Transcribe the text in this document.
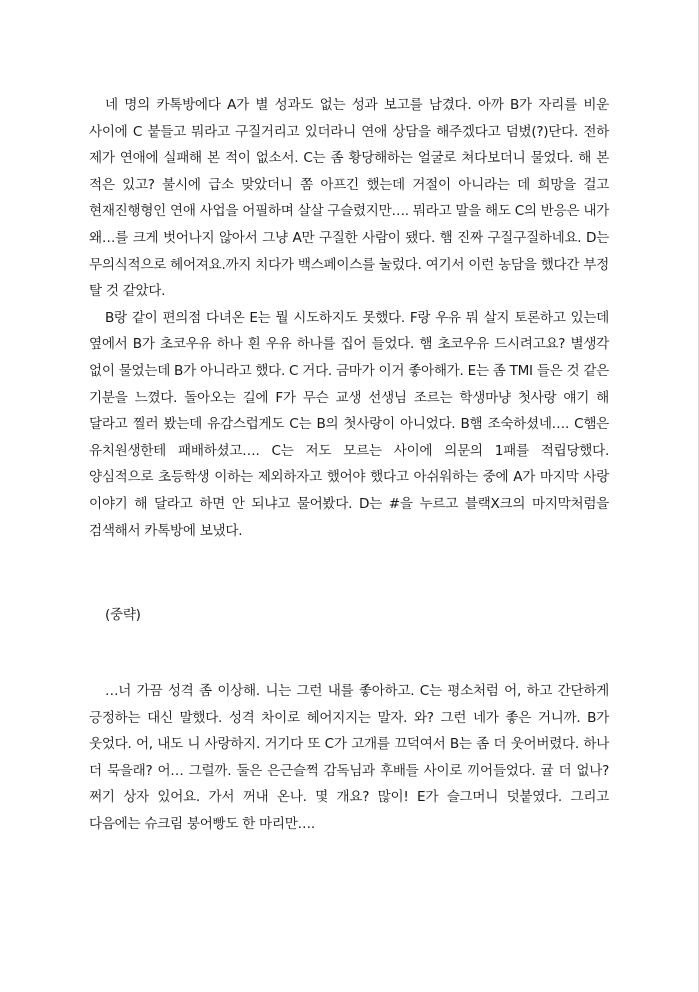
네 명의 카톡방에다 A가 별 성과도 없는 성과 보고를 남겼다. 아까 B가 자리를 비운 사이에 C 붙들고 뭐라고 구질거리고 있더라니 연애 상담을 해주겠다고 덤볐(?)단다. 전하 제가 연애에 실패해 본 적이 없소서. C는 좀 황당해하는 얼굴로 쳐다보더니 물었다. 해 본 적은 있고? 불시에 급소 맞았더니 쫌 아프긴 했는데 거절이 아니라는 데 희망을 걸고 현재진행형인 연애 사업을 어필하며 살살 구슬렸지만…. 뭐라고 말을 해도 C의 반응은 내가 왜…를 크게 벗어나지 않아서 그냥 A만 구질한 사람이 됐다. 햄 진짜 구질구질하네요. D는 무의식적으로 헤어져요.까지 치다가 백스페이스를 눌렀다. 여기서 이런 농담을 했다간 부정 탈 것 같았다.

B랑 같이 편의점 다녀온 E는 뭘 시도하지도 못했다. F랑 우유 뭐 살지 토론하고 있는데 옆에서 B가 초코우유 하나 흰 우유 하나를 집어 들었다. 햄 초코우유 드시려고요? 별생각 없이 물었는데 B가 아니라고 했다. C 거다. 금마가 이거 좋아해가. E는 좀 TMI 들은 것 같은 기분을 느꼈다. 돌아오는 길에 F가 무슨 교생 선생님 조르는 학생마냥 첫사랑 얘기 해 달라고 찔러 봤는데 유감스럽게도 C는 B의 첫사랑이 아니었다. B햄 조숙하셨네…. C햄은 유치원생한테 패배하셨고…. C는 저도 모르는 사이에 의문의 1패를 적립당했다. 양심적으로 초등학생 이하는 제외하자고 했어야 했다고 아쉬워하는 중에 A가 마지막 사랑 이야기 해 달라고 하면 안 되냐고 물어봤다. D는 #을 누르고 블랙X크의 마지막처럼을 검색해서 카톡방에 보냈다.

(중략)

…너 가끔 성격 좀 이상해. 니는 그런 내를 좋아하고. C는 평소처럼 어, 하고 간단하게 긍정하는 대신 말했다. 성격 차이로 헤어지지는 말자. 와? 그런 네가 좋은 거니까. B가 웃었다. 어, 내도 니 사랑하지. 거기다 또 C가 고개를 끄덕여서 B는 좀 더 웃어버렸다. 하나 더 묵을래? 어… 그럴까. 둘은 은근슬쩍 감독님과 후배들 사이로 끼어들었다. 귤 더 없나? 쩌기 상자 있어요. 가서 꺼내 온나. 몇 개요? 많이! E가 슬그머니 덧붙였다. 그리고 다음에는 슈크림 붕어빵도 한 마리만….
